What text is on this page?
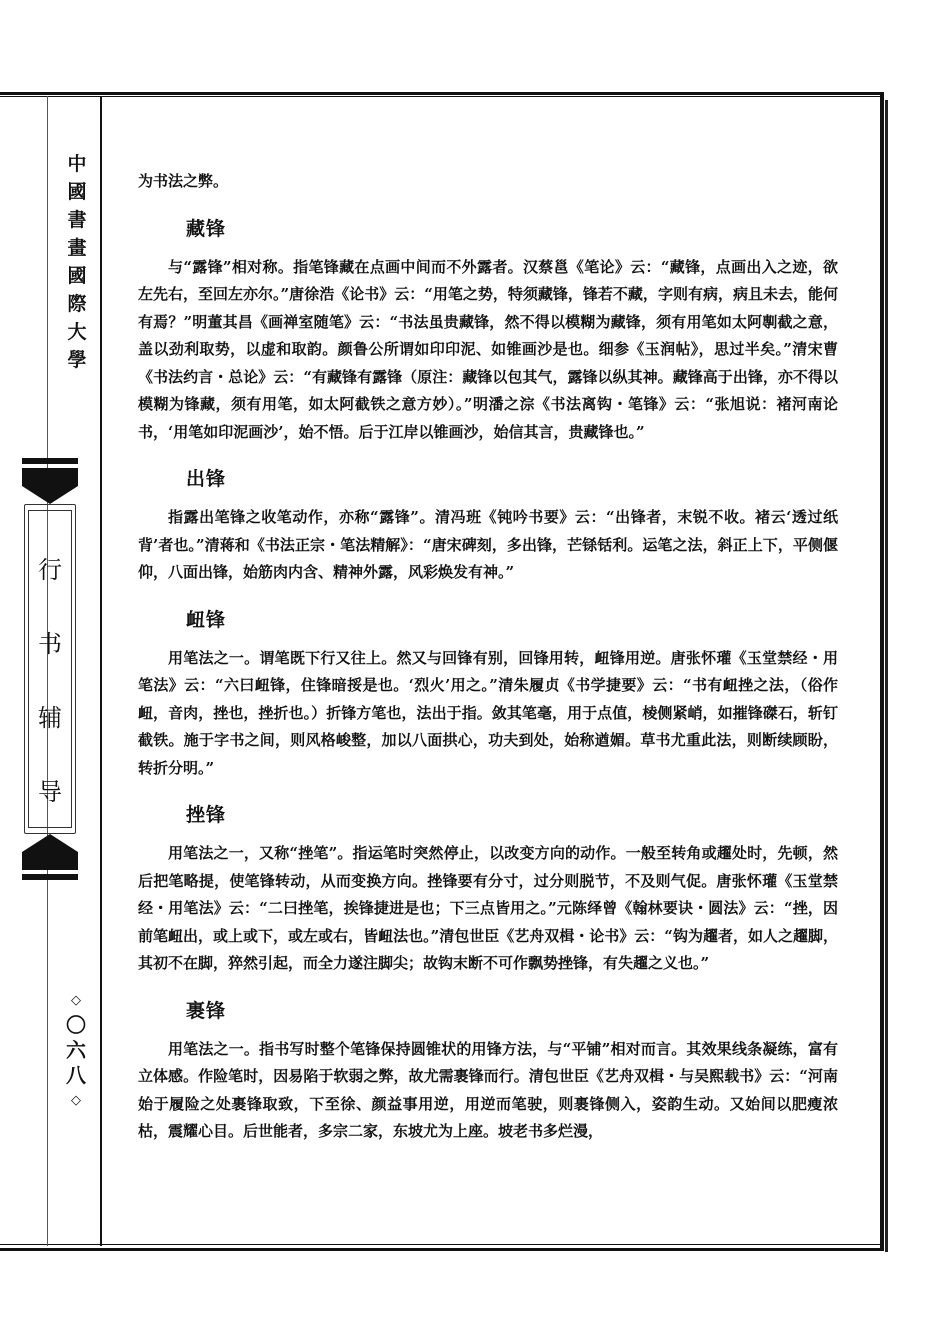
中
國
書
畫
國
際
大
學
行
书
辅
导
◇
〇
六
八
◇

为书法之弊。

藏锋

与“露锋”相对称。指笔锋藏在点画中间而不外露者。汉蔡邕《笔论》云：“藏锋，点画出入之迹，欲左先右，至回左亦尔。”唐徐浩《论书》云：“用笔之势，特须藏锋，锋若不藏，字则有病，病且未去，能何有焉？”明董其昌《画禅室随笔》云：“书法虽贵藏锋，然不得以模糊为藏锋，须有用笔如太阿剸截之意，盖以劲利取势，以虚和取韵。颜鲁公所谓如印印泥、如锥画沙是也。细参《玉润帖》，思过半矣。”清宋曹《书法约言・总论》云：“有藏锋有露锋（原注：藏锋以包其气，露锋以纵其神。藏锋高于出锋，亦不得以模糊为锋藏，须有用笔，如太阿截铁之意方妙）。”明潘之淙《书法离钩・笔锋》云：“张旭说：褚河南论书，‘用笔如印泥画沙’，始不悟。后于江岸以锥画沙，始信其言，贵藏锋也。”

出锋

指露出笔锋之收笔动作，亦称“露锋”。清冯班《钝吟书要》云：“出锋者，末锐不收。褚云‘透过纸背’者也。”清蒋和《书法正宗・笔法精解》：“唐宋碑刻，多出锋，芒铩铦利。运笔之法，斜正上下，平侧偃仰，八面出锋，始筋肉内含、精神外露，风彩焕发有神。”

衄锋

用笔法之一。谓笔既下行又往上。然又与回锋有别，回锋用转，衄锋用逆。唐张怀瓘《玉堂禁经・用笔法》云：“六曰衄锋，住锋暗挼是也。‘烈火’用之。”清朱履贞《书学捷要》云：“书有衄挫之法，（俗作衄，音肉，挫也，挫折也。）折锋方笔也，法出于指。敛其笔毫，用于点值，棱侧紧峭，如摧锋磔石，斩钉截铁。施于字书之间，则风格峻整，加以八面拱心，功夫到处，始称遒媚。草书尤重此法，则断续顾盼，转折分明。”

挫锋

用笔法之一，又称“挫笔”。指运笔时突然停止，以改变方向的动作。一般至转角或趯处时，先顿，然后把笔略提，使笔锋转动，从而变换方向。挫锋要有分寸，过分则脱节，不及则气促。唐张怀瓘《玉堂禁经・用笔法》云：“二曰挫笔，挨锋捷进是也；下三点皆用之。”元陈绎曾《翰林要诀・圆法》云：“挫，因前笔衄出，或上或下，或左或右，皆衄法也。”清包世臣《艺舟双楫・论书》云：“钩为趯者，如人之趯脚，其初不在脚，猝然引起，而全力遂注脚尖；故钩末断不可作飘势挫锋，有失趯之义也。”

裹锋

用笔法之一。指书写时整个笔锋保持圆锥状的用锋方法，与“平铺”相对而言。其效果线条凝练，富有立体感。作险笔时，因易陷于软弱之弊，故尤需裹锋而行。清包世臣《艺舟双楫・与吴熙载书》云：“河南始于履险之处裹锋取致，下至徐、颜益事用逆，用逆而笔驶，则裹锋侧入，姿韵生动。又始间以肥瘦浓枯，震耀心目。后世能者，多宗二家，东坡尤为上座。坡老书多烂漫，
